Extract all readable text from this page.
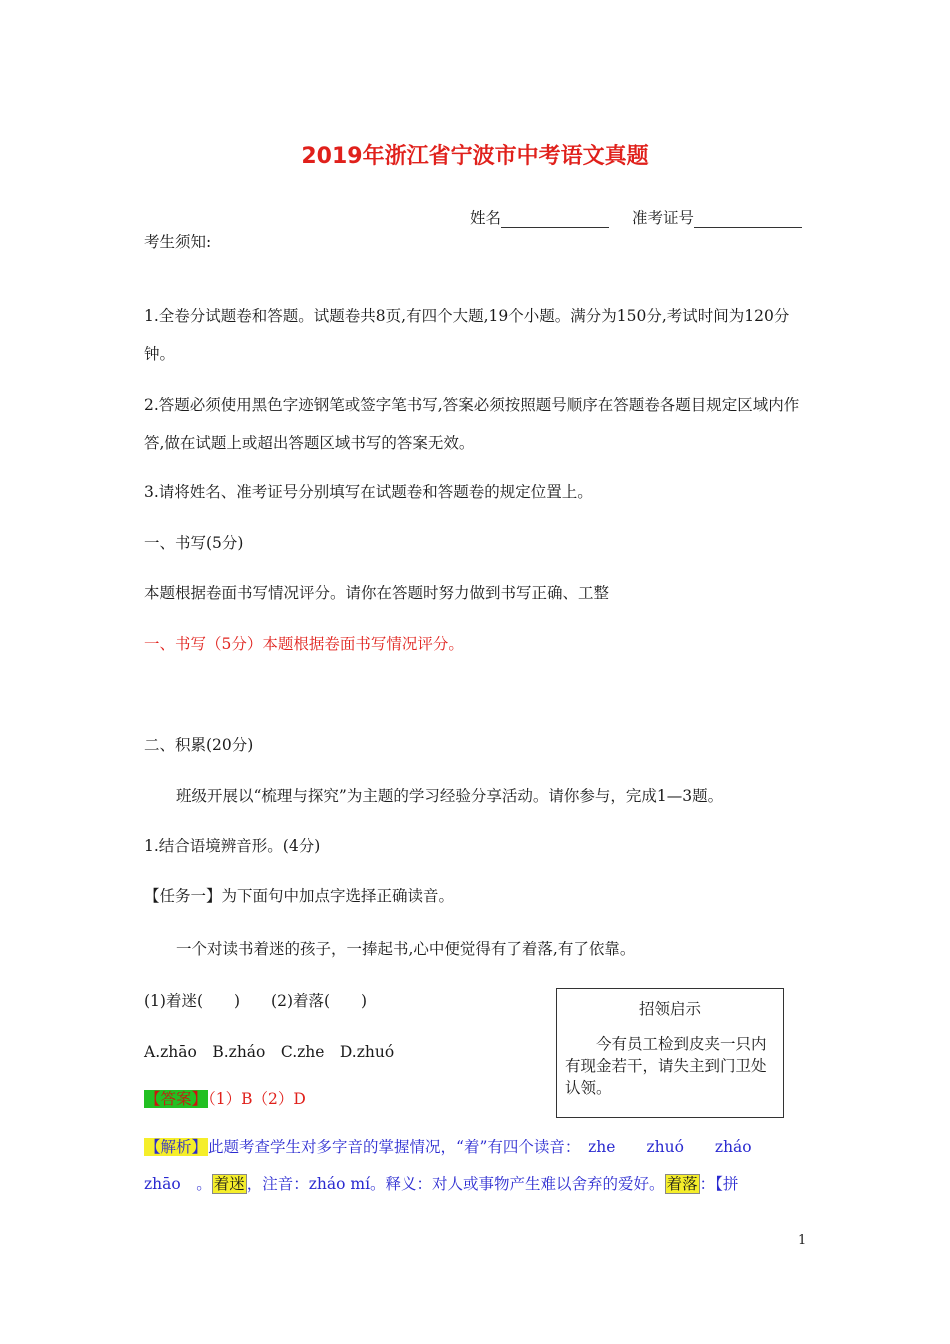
2019年浙江省宁波市中考语文真题
姓名	准考证号
考生须知:
1.全卷分试题卷和答题。试题卷共8页,有四个大题,19个小题。满分为150分,考试时间为120分钟。
2.答题必须使用黑色字迹钢笔或签字笔书写,答案必须按照题号顺序在答题卷各题目规定区域内作答,做在试题上或超出答题区域书写的答案无效。
3.请将姓名、准考证号分别填写在试题卷和答题卷的规定位置上。
一、书写(5分)
本题根据卷面书写情况评分。请你在答题时努力做到书写正确、工整
一、书写（5分）本题根据卷面书写情况评分。
二、积累(20分)
班级开展以“梳理与探究”为主题的学习经验分享活动。请你参与，完成1—3题。
1.结合语境辨音形。(4分)
【任务一】为下面句中加点字选择正确读音。
一个对读书着迷的孩子，一捧起书,心中便觉得有了着落,有了依靠。
(1)着迷(　　)　　(2)着落(　　)
A.zhāo　B.zháo　C.zhe　D.zhuó
【答案】（1）B（2）D
【解析】此题考查学生对多字音的掌握情况，“着”有四个读音：　zhe　　zhuó　　zháo
zhāo　。 着迷 ，注音：zháo mí。释义：对人或事物产生难以舍弃的爱好。 着落 ：【拼
招领启示
今有员工检到皮夹一只内有现金若干，请失主到门卫处认领。
1
